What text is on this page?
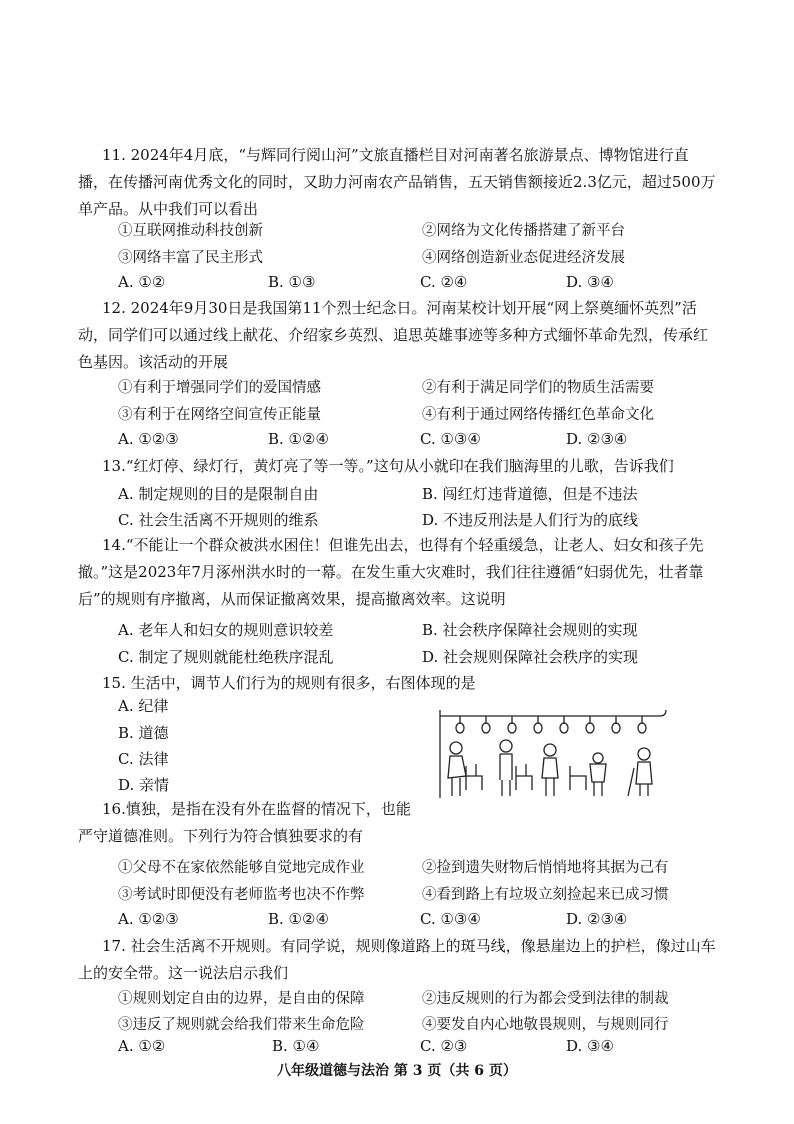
11. 2024年4月底，“与辉同行阅山河”文旅直播栏目对河南著名旅游景点、博物馆进行直播，在传播河南优秀文化的同时，又助力河南农产品销售，五天销售额接近2.3亿元，超过500万单产品。从中我们可以看出
①互联网推动科技创新	②网络为文化传播搭建了新平台
③网络丰富了民主形式	④网络创造新业态促进经济发展
A. ①②	B. ①③	C. ②④	D. ③④
12. 2024年9月30日是我国第11个烈士纪念日。河南某校计划开展“网上祭奠缅怀英烈”活动，同学们可以通过线上献花、介绍家乡英烈、追思英雄事迹等多种方式缅怀革命先烈，传承红色基因。该活动的开展
①有利于增强同学们的爱国情感	②有利于满足同学们的物质生活需要
③有利于在网络空间宣传正能量	④有利于通过网络传播红色革命文化
A. ①②③	B. ①②④	C. ①③④	D. ②③④
13.“红灯停、绿灯行，黄灯亮了等一等。”这句从小就印在我们脑海里的儿歌，告诉我们
A. 制定规则的目的是限制自由	B. 闯红灯违背道德，但是不违法
C. 社会生活离不开规则的维系	D. 不违反刑法是人们行为的底线
14.“不能让一个群众被洪水困住！但谁先出去，也得有个轻重缓急，让老人、妇女和孩子先撤。”这是2023年7月涿州洪水时的一幕。在发生重大灾难时，我们往往遵循“妇弱优先，壮者靠后”的规则有序撤离，从而保证撤离效果，提高撤离效率。这说明
A. 老年人和妇女的规则意识较差	B. 社会秩序保障社会规则的实现
C. 制定了规则就能杜绝秩序混乱	D. 社会规则保障社会秩序的实现
15. 生活中，调节人们行为的规则有很多，右图体现的是
A. 纪律
B. 道德
C. 法律
D. 亲情
16.慎独，是指在没有外在监督的情况下，也能严守道德准则。下列行为符合慎独要求的有
①父母不在家依然能够自觉地完成作业	②捡到遗失财物后悄悄地将其据为己有
③考试时即便没有老师监考也决不作弊	④看到路上有垃圾立刻捡起来已成习惯
A. ①②③	B. ①②④	C. ①③④	D. ②③④
17. 社会生活离不开规则。有同学说，规则像道路上的斑马线，像悬崖边上的护栏，像过山车上的安全带。这一说法启示我们
①规则划定自由的边界，是自由的保障	②违反规则的行为都会受到法律的制裁
③违反了规则就会给我们带来生命危险	④要发自内心地敬畏规则，与规则同行
A. ①②	B. ①④	C. ②③	D. ③④
八年级道德与法治 第 3 页（共 6 页）
